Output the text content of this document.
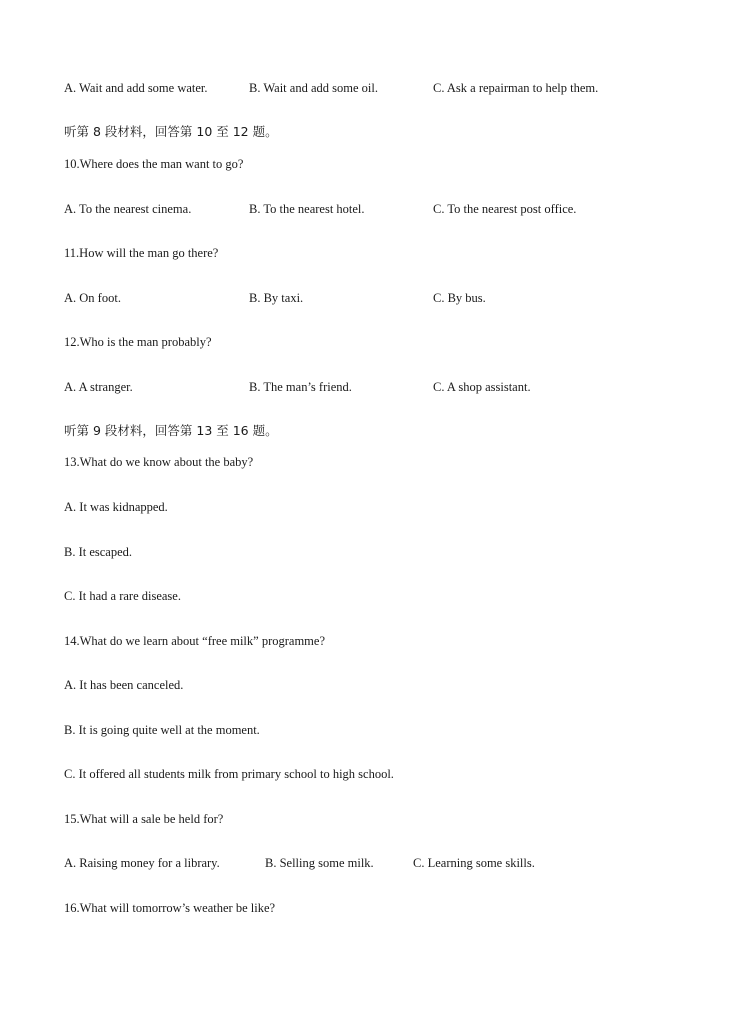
A. Wait and add some water.	B. Wait and add some oil.	C. Ask a repairman to help them.
听第 8 段材料，回答第 10 至 12 题。
10.Where does the man want to go?
A. To the nearest cinema.	B. To the nearest hotel.	C. To the nearest post office.
11.How will the man go there?
A. On foot.	B. By taxi.	C. By bus.
12.Who is the man probably?
A. A stranger.	B. The man’s friend.	C. A shop assistant.
听第 9 段材料，回答第 13 至 16 题。
13.What do we know about the baby?
A. It was kidnapped.
B. It escaped.
C. It had a rare disease.
14.What do we learn about “free milk” programme?
A. It has been canceled.
B. It is going quite well at the moment.
C. It offered all students milk from primary school to high school.
15.What will a sale be held for?
A. Raising money for a library.	B. Selling some milk.	C. Learning some skills.
16.What will tomorrow’s weather be like?
